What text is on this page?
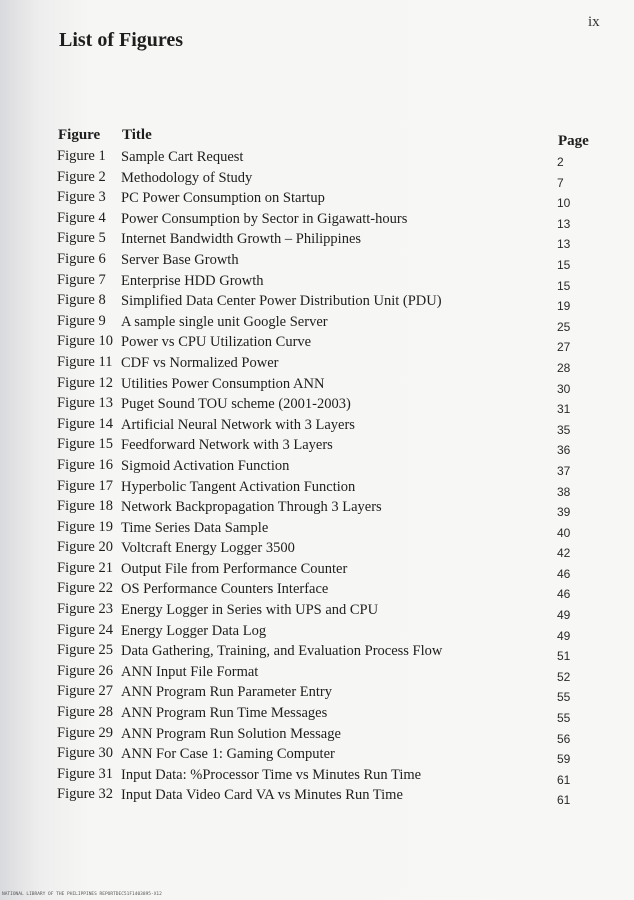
ix
List of Figures
Figure Title	Page
Figure 1 Sample Cart Request	2
Figure 2 Methodology of Study	7
Figure 3 PC Power Consumption on Startup	10
Figure 4 Power Consumption by Sector in Gigawatt-hours	13
Figure 5 Internet Bandwidth Growth – Philippines	13
Figure 6 Server Base Growth	15
Figure 7 Enterprise HDD Growth	15
Figure 8 Simplified Data Center Power Distribution Unit (PDU)	19
Figure 9 A sample single unit Google Server	25
Figure 10 Power vs CPU Utilization Curve	27
Figure 11 CDF vs Normalized Power	28
Figure 12 Utilities Power Consumption ANN	30
Figure 13 Puget Sound TOU scheme (2001-2003)	31
Figure 14 Artificial Neural Network with 3 Layers	35
Figure 15 Feedforward Network with 3 Layers	36
Figure 16 Sigmoid Activation Function	37
Figure 17 Hyperbolic Tangent Activation Function	38
Figure 18 Network Backpropagation Through 3 Layers	39
Figure 19 Time Series Data Sample	40
Figure 20 Voltcraft Energy Logger 3500	42
Figure 21 Output File from Performance Counter	46
Figure 22 OS Performance Counters Interface	46
Figure 23 Energy Logger in Series with UPS and CPU	49
Figure 24 Energy Logger Data Log	49
Figure 25 Data Gathering, Training, and Evaluation Process Flow	51
Figure 26 ANN Input File Format	52
Figure 27 ANN Program Run Parameter Entry	55
Figure 28 ANN Program Run Time Messages	55
Figure 29 ANN Program Run Solution Message	56
Figure 30 ANN For Case 1: Gaming Computer	59
Figure 31 Input Data: %Processor Time vs Minutes Run Time	61
Figure 32 Input Data Video Card VA vs Minutes Run Time	61
NATIONAL LIBRARY OF THE PHILIPPINES REPORTDEC51F1403895-X12
